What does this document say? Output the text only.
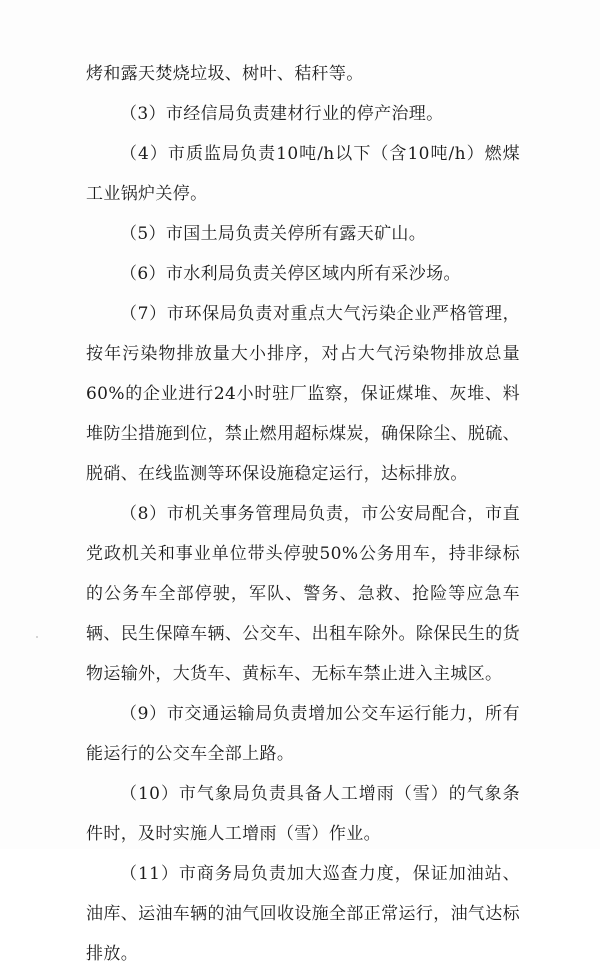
烤和露天焚烧垃圾、树叶、秸秆等。

（3）市经信局负责建材行业的停产治理。

（4）市质监局负责10吨/h以下（含10吨/h）燃煤工业锅炉关停。

（5）市国土局负责关停所有露天矿山。

（6）市水利局负责关停区域内所有采沙场。

（7）市环保局负责对重点大气污染企业严格管理，按年污染物排放量大小排序，对占大气污染物排放总量60%的企业进行24小时驻厂监察，保证煤堆、灰堆、料堆防尘措施到位，禁止燃用超标煤炭，确保除尘、脱硫、脱硝、在线监测等环保设施稳定运行，达标排放。

（8）市机关事务管理局负责，市公安局配合，市直党政机关和事业单位带头停驶50%公务用车，持非绿标的公务车全部停驶，军队、警务、急救、抢险等应急车辆、民生保障车辆、公交车、出租车除外。除保民生的货物运输外，大货车、黄标车、无标车禁止进入主城区。

（9）市交通运输局负责增加公交车运行能力，所有能运行的公交车全部上路。

（10）市气象局负责具备人工增雨（雪）的气象条件时，及时实施人工增雨（雪）作业。

（11）市商务局负责加大巡查力度，保证加油站、油库、运油车辆的油气回收设施全部正常运行，油气达标排放。
